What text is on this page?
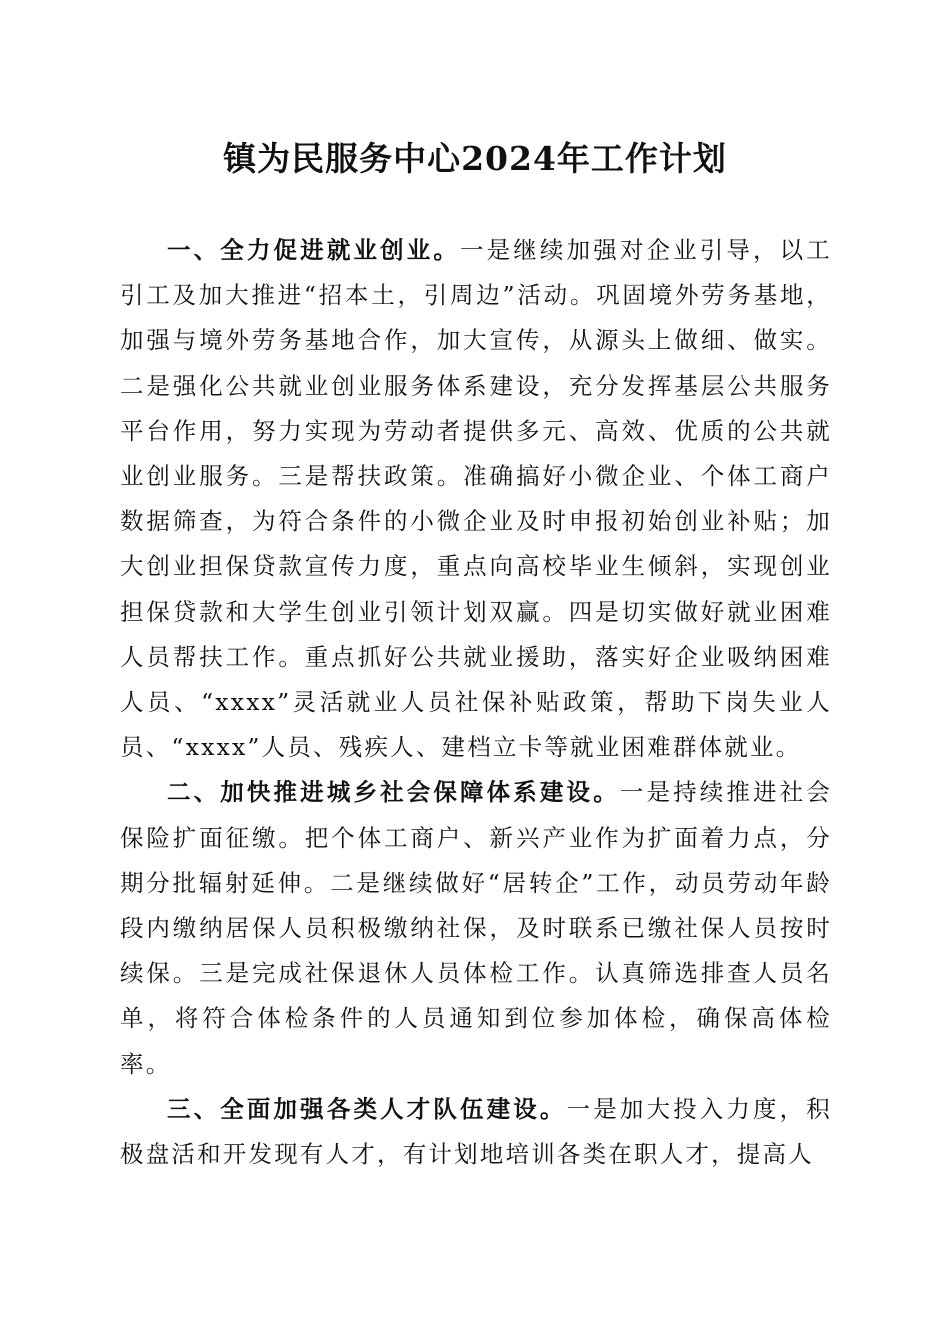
镇为民服务中心2024年工作计划

一、全力促进就业创业。一是继续加强对企业引导，以工引工及加大推进“招本土，引周边”活动。巩固境外劳务基地，加强与境外劳务基地合作，加大宣传，从源头上做细、做实。二是强化公共就业创业服务体系建设，充分发挥基层公共服务平台作用，努力实现为劳动者提供多元、高效、优质的公共就业创业服务。三是帮扶政策。准确搞好小微企业、个体工商户数据筛查，为符合条件的小微企业及时申报初始创业补贴；加大创业担保贷款宣传力度，重点向高校毕业生倾斜，实现创业担保贷款和大学生创业引领计划双赢。四是切实做好就业困难人员帮扶工作。重点抓好公共就业援助，落实好企业吸纳困难人员、“xxxx”灵活就业人员社保补贴政策，帮助下岗失业人员、“xxxx”人员、残疾人、建档立卡等就业困难群体就业。

二、加快推进城乡社会保障体系建设。一是持续推进社会保险扩面征缴。把个体工商户、新兴产业作为扩面着力点，分期分批辐射延伸。二是继续做好“居转企”工作，动员劳动年龄段内缴纳居保人员积极缴纳社保，及时联系已缴社保人员按时续保。三是完成社保退休人员体检工作。认真筛选排查人员名单，将符合体检条件的人员通知到位参加体检，确保高体检率。

三、全面加强各类人才队伍建设。一是加大投入力度，积极盘活和开发现有人才，有计划地培训各类在职人才，提高人
